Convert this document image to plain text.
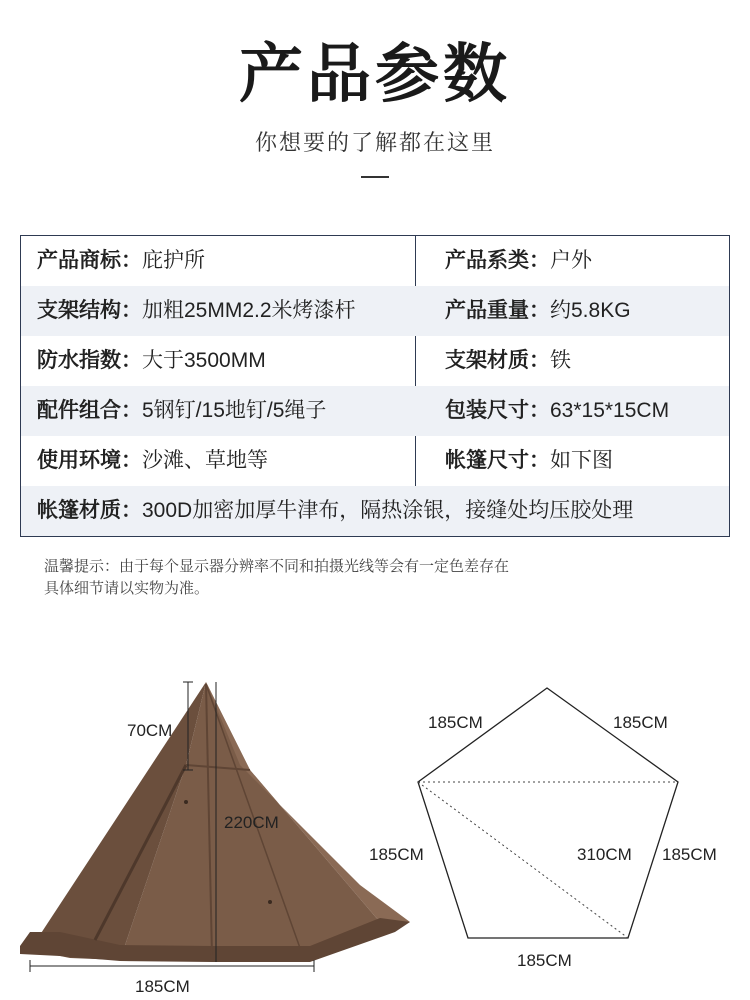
产品参数
你想要的了解都在这里
产品商标：庇护所	产品系类：户外
支架结构：加粗25MM2.2米烤漆杆	产品重量：约5.8KG
防水指数：大于3500MM	支架材质：铁
配件组合：5钢钉/15地钉/5绳子	包装尺寸：63*15*15CM
使用环境：沙滩、草地等	帐篷尺寸：如下图
帐篷材质：300D加密加厚牛津布，隔热涂银，接缝处均压胶处理
温馨提示：由于每个显示器分辨率不同和拍摄光线等会有一定色差存在
具体细节请以实物为准。
70CM
220CM
185CM
185CM	185CM
185CM	310CM 185CM
185CM
